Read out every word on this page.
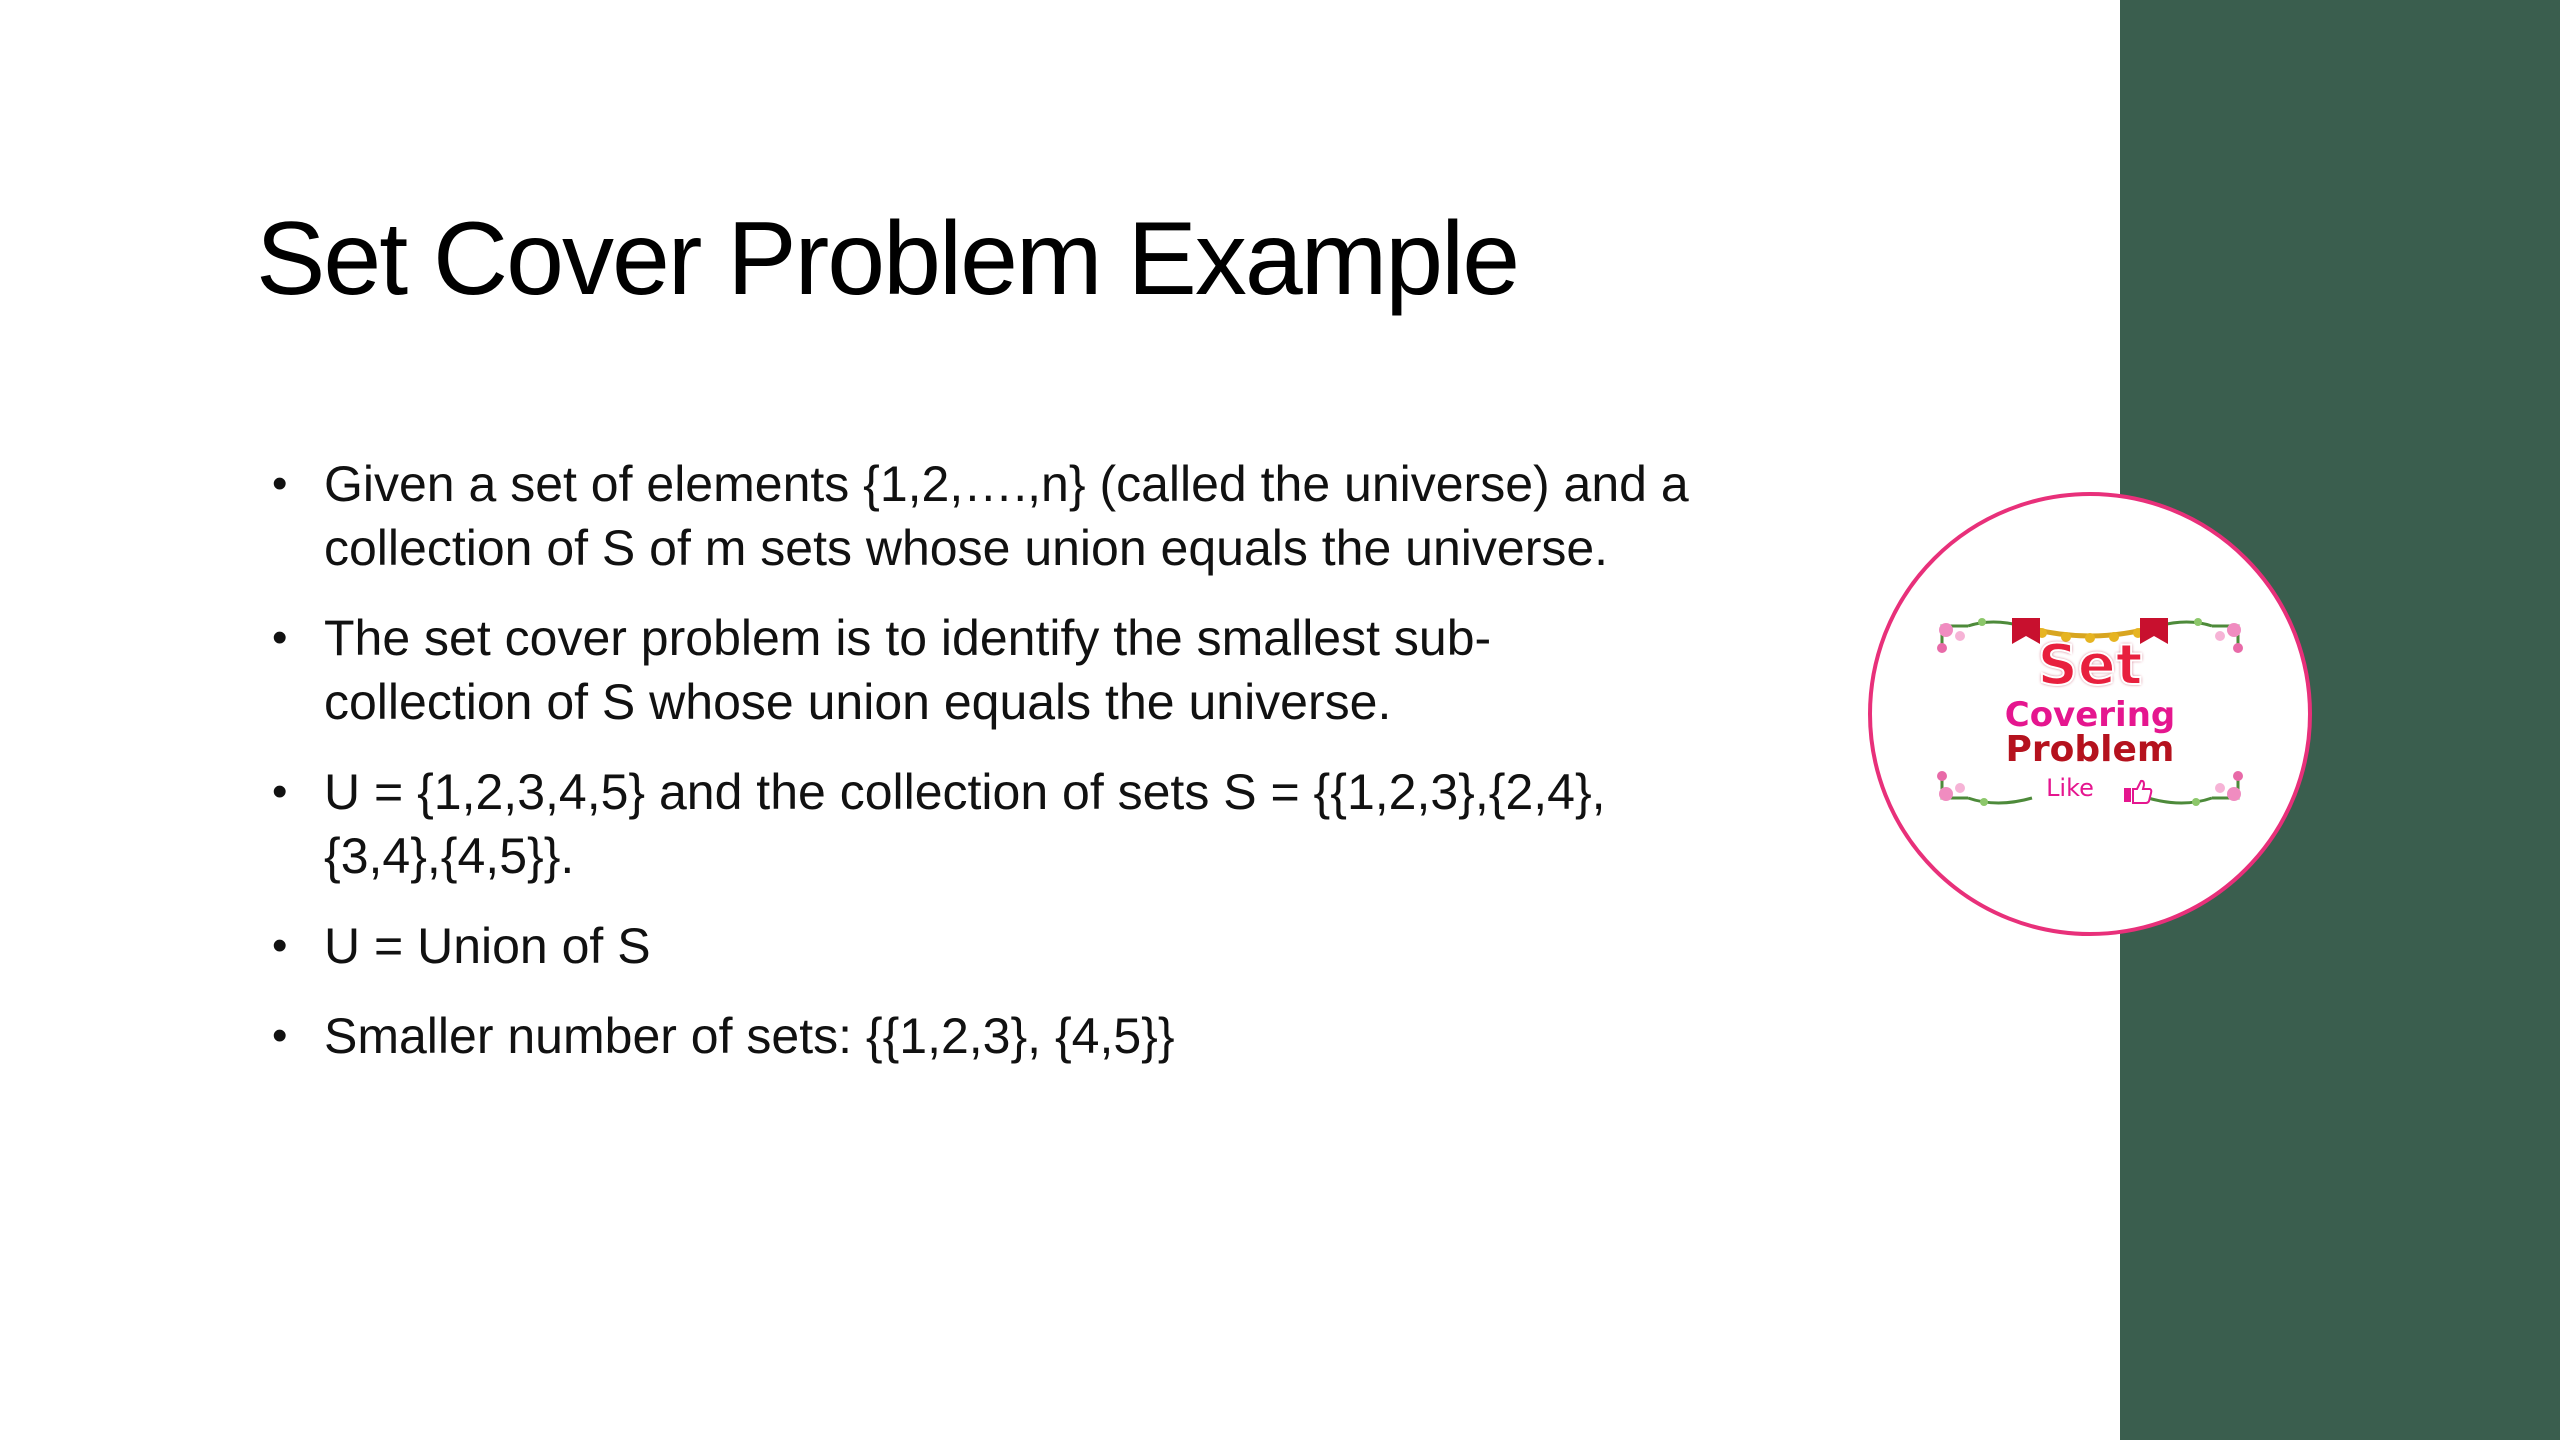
Set Cover Problem Example
• Given a set of elements {1,2,….,n} (called the universe) and a collection of S of m sets whose union equals the universe.
• The set cover problem is to identify the smallest sub-collection of S whose union equals the universe.
• U = {1,2,3,4,5} and the collection of sets S = {{1,2,3},{2,4},{3,4},{4,5}}.
• U = Union of S
• Smaller number of sets: {{1,2,3}, {4,5}}
Set
Covering
Problem
Like
